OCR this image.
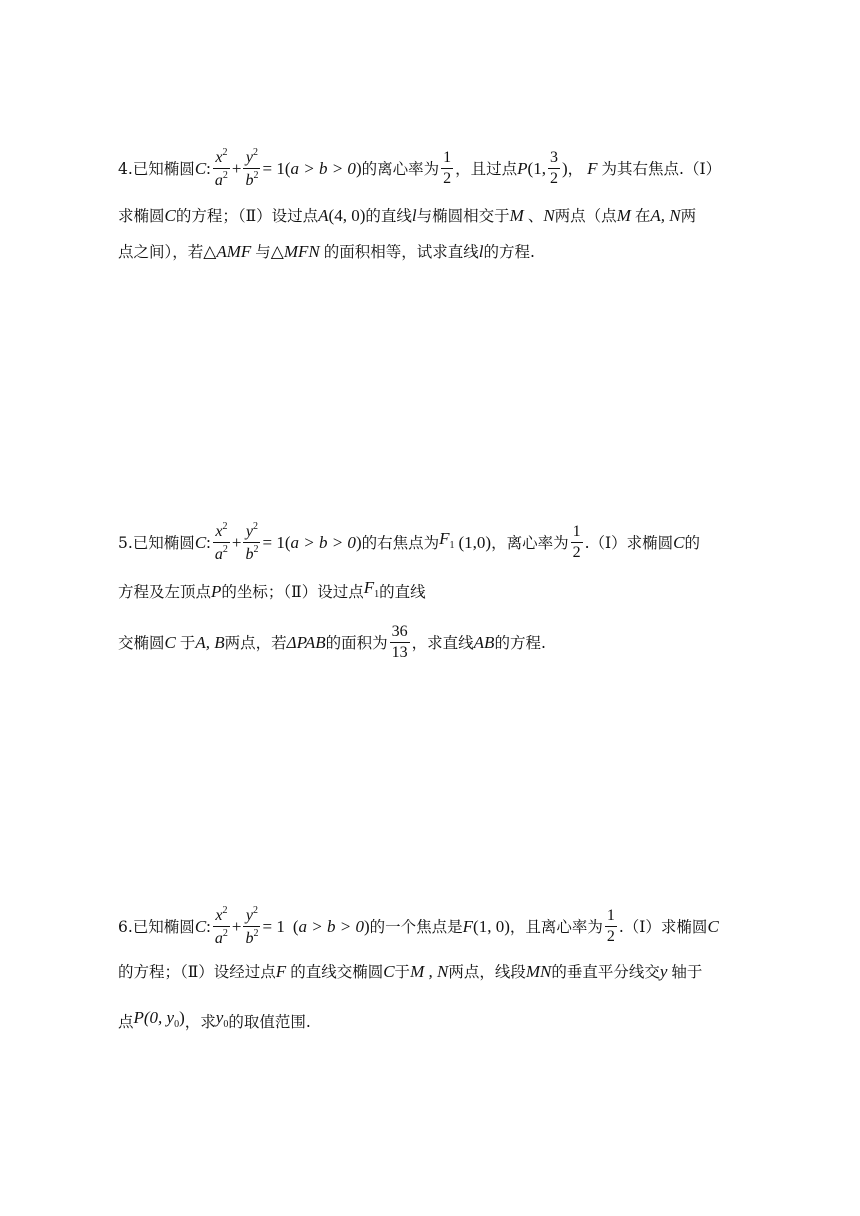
4. 已知椭圆 C : $\frac{x^2}{a^2} + \frac{y^2}{b^2} = 1$( a > b > 0 ) 的离心率为 $\frac{1}{2}$ ，且过点 P (1, $\frac{3}{2}$ ) ， F 为其右焦点.（Ⅰ）
求椭圆 C 的方程；（Ⅱ）设过点 A (4, 0) 的直线 l 与椭圆相交于 M 、 N 两点（点 M 在 A, N 两
点之间），若 △AMF 与 △MFN 的面积相等，试求直线 l 的方程.
5. 已知椭圆 C : $\frac{x^2}{a^2} + \frac{y^2}{b^2} = 1$( a > b > 0 ) 的右焦点为 $F_1$ (1,0) ，离心率为 $\frac{1}{2}$ .（Ⅰ）求椭圆 C 的
方程及左顶点 P 的坐标；（Ⅱ）设过点 $F_1$ 的直线
交椭圆 C 于 A, B 两点，若 ΔPAB 的面积为 $\frac{36}{13}$ ，求直线 AB 的方程.
6. 已知椭圆 C : $\frac{x^2}{a^2} + \frac{y^2}{b^2} = 1$ ( a > b > 0 ) 的一个焦点是 F (1, 0) ，且离心率为 $\frac{1}{2}$ .（Ⅰ）求椭圆 C
的方程；（Ⅱ）设经过点 F 的直线交椭圆 C 于 M , N 两点，线段 MN 的垂直平分线交 y 轴于
点 P(0, $y_0$) ，求 $y_0$ 的取值范围.
